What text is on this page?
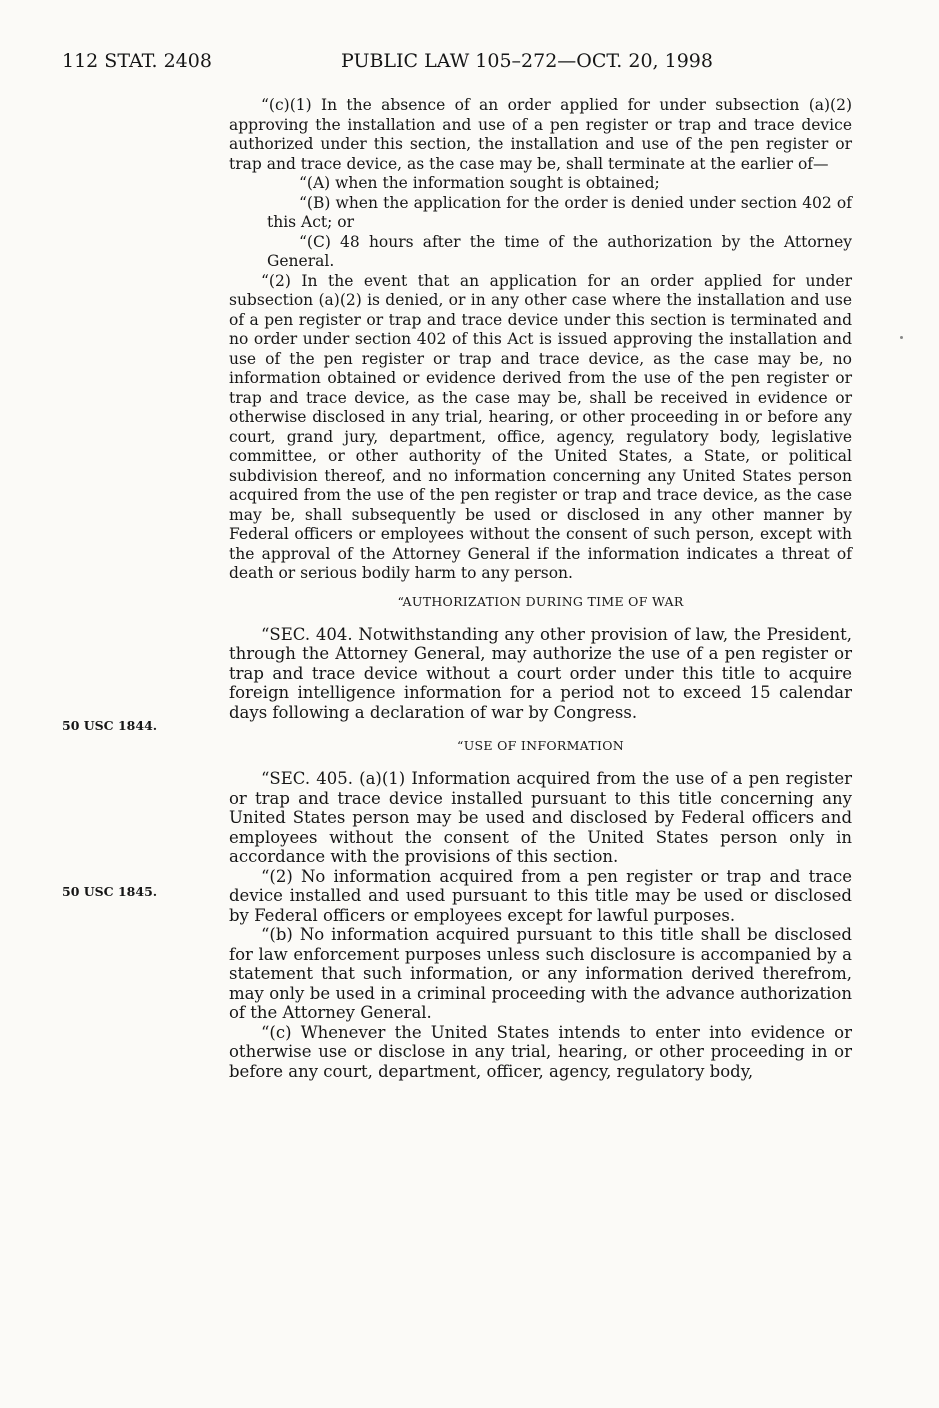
112 STAT. 2408	PUBLIC LAW 105–272—OCT. 20, 1998

“(c)(1) In the absence of an order applied for under subsection (a)(2) approving the installation and use of a pen register or trap and trace device authorized under this section, the installation and use of the pen register or trap and trace device, as the case may be, shall terminate at the earlier of—

“(A) when the information sought is obtained;

“(B) when the application for the order is denied under section 402 of this Act; or

“(C) 48 hours after the time of the authorization by the Attorney General.

“(2) In the event that an application for an order applied for under subsection (a)(2) is denied, or in any other case where the installation and use of a pen register or trap and trace device under this section is terminated and no order under section 402 of this Act is issued approving the installation and use of the pen register or trap and trace device, as the case may be, no information obtained or evidence derived from the use of the pen register or trap and trace device, as the case may be, shall be received in evidence or otherwise disclosed in any trial, hearing, or other proceeding in or before any court, grand jury, department, office, agency, regulatory body, legislative committee, or other authority of the United States, a State, or political subdivision thereof, and no information concerning any United States person acquired from the use of the pen register or trap and trace device, as the case may be, shall subsequently be used or disclosed in any other manner by Federal officers or employees without the consent of such person, except with the approval of the Attorney General if the information indicates a threat of death or serious bodily harm to any person.

“AUTHORIZATION DURING TIME OF WAR

“SEC. 404. Notwithstanding any other provision of law, the President, through the Attorney General, may authorize the use of a pen register or trap and trace device without a court order under this title to acquire foreign intelligence information for a period not to exceed 15 calendar days following a declaration of war by Congress.

“USE OF INFORMATION

“SEC. 405. (a)(1) Information acquired from the use of a pen register or trap and trace device installed pursuant to this title concerning any United States person may be used and disclosed by Federal officers and employees without the consent of the United States person only in accordance with the provisions of this section.

“(2) No information acquired from a pen register or trap and trace device installed and used pursuant to this title may be used or disclosed by Federal officers or employees except for lawful purposes.

“(b) No information acquired pursuant to this title shall be disclosed for law enforcement purposes unless such disclosure is accompanied by a statement that such information, or any information derived therefrom, may only be used in a criminal proceeding with the advance authorization of the Attorney General.

“(c) Whenever the United States intends to enter into evidence or otherwise use or disclose in any trial, hearing, or other proceeding in or before any court, department, officer, agency, regulatory body,

50 USC 1844.
50 USC 1845.
